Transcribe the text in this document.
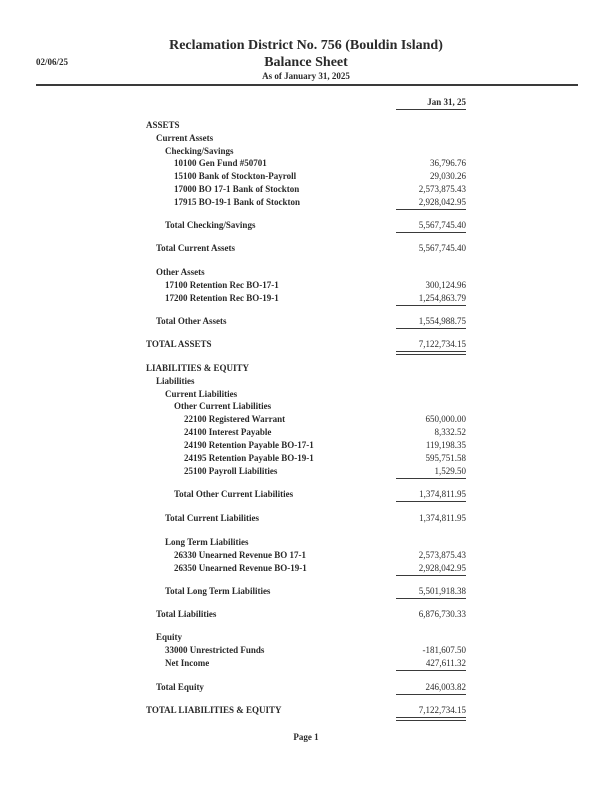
Reclamation District No. 756 (Bouldin Island)
Balance Sheet
As of January 31, 2025
02/06/25
Jan 31, 25
ASSETS
Current Assets
Checking/Savings
10100 Gen Fund #50701	36,796.76
15100 Bank of Stockton-Payroll	29,030.26
17000 BO 17-1 Bank of Stockton	2,573,875.43
17915 BO-19-1 Bank of Stockton	2,928,042.95
Total Checking/Savings	5,567,745.40
Total Current Assets	5,567,745.40
Other Assets
17100 Retention Rec BO-17-1	300,124.96
17200 Retention Rec BO-19-1	1,254,863.79
Total Other Assets	1,554,988.75
TOTAL ASSETS	7,122,734.15
LIABILITIES & EQUITY
Liabilities
Current Liabilities
Other Current Liabilities
22100 Registered Warrant	650,000.00
24100 Interest Payable	8,332.52
24190 Retention Payable BO-17-1	119,198.35
24195 Retention Payable BO-19-1	595,751.58
25100 Payroll Liabilities	1,529.50
Total Other Current Liabilities	1,374,811.95
Total Current Liabilities	1,374,811.95
Long Term Liabilities
26330 Unearned Revenue BO 17-1	2,573,875.43
26350 Unearned Revenue BO-19-1	2,928,042.95
Total Long Term Liabilities	5,501,918.38
Total Liabilities	6,876,730.33
Equity
33000 Unrestricted Funds	-181,607.50
Net Income	427,611.32
Total Equity	246,003.82
TOTAL LIABILITIES & EQUITY	7,122,734.15
Page 1
